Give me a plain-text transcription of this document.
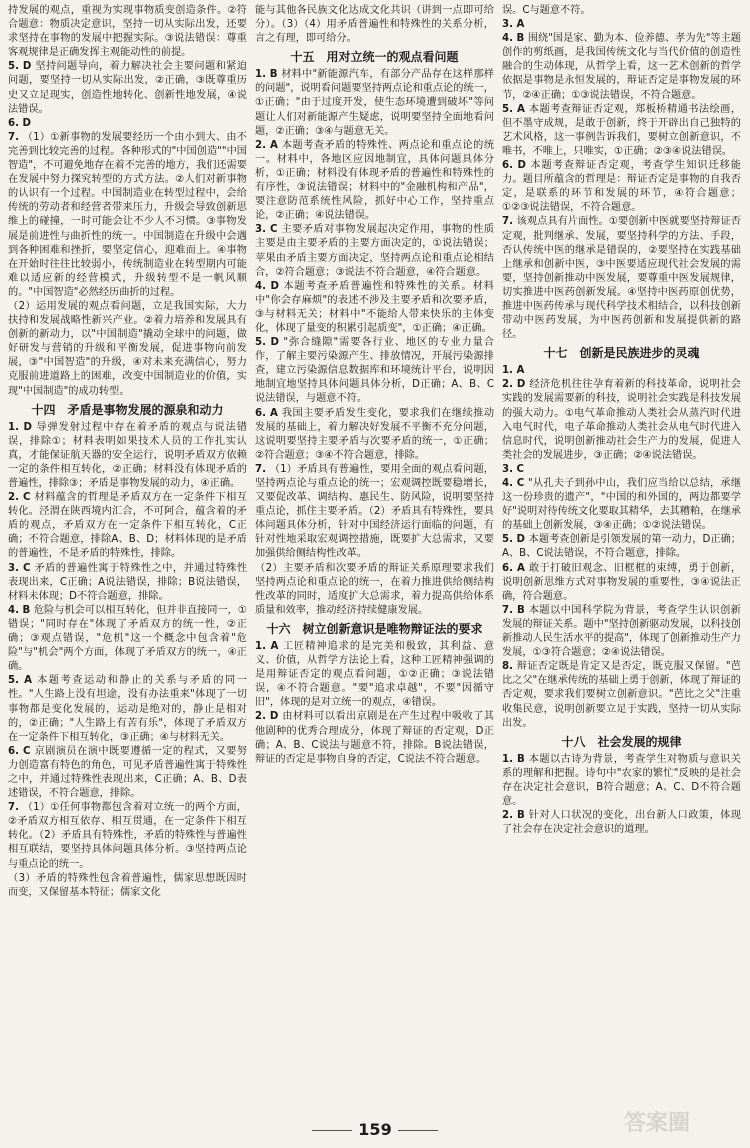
持发展的观点，重视为实现事物质变创造条件。②符合题意：物质决定意识，坚持一切从实际出发，还要求坚持在事物的发展中把握实际。③说法错误：尊重客观规律是正确发挥主观能动性的前提。

5. D 坚持问题导向，着力解决社会主要问题和紧迫问题，要坚持一切从实际出发，②正确，③既尊重历史又立足现实，创造性地转化、创新性地发展，④说法错误。

6. D

7. （1）①新事物的发展要经历一个由小到大、由不完善到比较完善的过程。各种形式的"中国创造""中国智造"，不可避免地存在着不完善的地方，我们还需要在发展中努力探究转型的方式方法。②人们对新事物的认识有一个过程。中国制造业在转型过程中，会给传统的劳动者和经营者带来压力，升级会导致创新思维上的碰撞，一时可能会让不少人不习惯。③事物发展是前进性与曲折性的统一。中国制造在升级中会遇到各种困难和挫折，要坚定信心，迎难而上。④事物在开始时往往比较弱小，传统制造业在转型期内可能难以适应新的经营模式，升级转型不是一帆风顺的。"中国智造"必然经历曲折的过程。

（2）运用发展的观点看问题，立足我国实际，大力扶持和发展战略性新兴产业。②着力培养和发展具有创新的新动力，以"中国制造"撬动全球中的问题，做好研发与营销的升级和平衡发展，促进事物向前发展，③"中国智造"的升级，④对未来充满信心，努力克服前进道路上的困难，改变中国制造业的价值，实现"中国制造"的成功转型。

十四　矛盾是事物发展的源泉和动力

1. D 导弹发射过程中存在着矛盾的观点与说法错误，排除①；材料表明如果技术人员的工作扎实认真，才能保证航天器的安全运行，说明矛盾双方依赖一定的条件相互转化，②正确；材料没有体现矛盾的普遍性，排除③；矛盾是事物发展的动力，④正确。

2. C 材料蕴含的哲理是矛盾双方在一定条件下相互转化。泾渭在陕西境内汇合，不可阿合，蕴含着的矛盾的观点，矛盾双方在一定条件下相互转化，C正确；不符合题意，排除A、B、D；材料体现的是矛盾的普遍性，不是矛盾的特殊性，排除。

3. C 矛盾的普遍性寓于特殊性之中，并通过特殊性表现出来，C正确；A说法错误，排除；B说法错误，材料未体现；D不符合题意，排除。

4. B 危险与机会可以相互转化，但并非直接同一，①错误；"同时存在"体现了矛盾双方的统一性，②正确；③观点错误，"危机"这一个概念中包含着"危险"与"机会"两个方面，体现了矛盾双方的统一，④正确。

5. A 本题考查运动和静止的关系与矛盾的同一性。"人生路上没有坦途，没有办法重来"体现了一切事物都是变化发展的，运动是绝对的，静止是相对的，②正确；"人生路上有苦有乐"，体现了矛盾双方在一定条件下相互转化，③正确；④与材料无关。

6. C 京剧演员在演中既要遵循一定的程式，又要努力创造富有特色的角色，可见矛盾普遍性寓于特殊性之中，并通过特殊性表现出来，C正确；A、B、D表述错误，不符合题意，排除。

7. （1）①任何事物都包含着对立统一的两个方面，②矛盾双方相互依存、相互贯通，在一定条件下相互转化。（2）矛盾具有特殊性，矛盾的特殊性与普遍性相互联结，要坚持具体问题具体分析。③坚持两点论与重点论的统一。

（3）矛盾的特殊性包含着普遍性，儒家思想既因时而变，又保留基本特征；儒家文化

能与其他各民族文化达成文化共识（讲到一点即可给分）。（3）（4）用矛盾普遍性和特殊性的关系分析，言之有理，即可给分。

十五　用对立统一的观点看问题

1. B 材料中"新能源汽车，有部分产品存在这样那样的问题"，说明看问题要坚持两点论和重点论的统一，①正确；"由于过度开发，使生态环境遭到破坏"等问题让人们对新能源产生疑虑，说明要坚持全面地看问题，②正确；③④与题意无关。

2. A 本题考查矛盾的特殊性、两点论和重点论的统一。材料中，各地区应因地制宜，具体问题具体分析，①正确；材料没有体现矛盾的普遍性和特殊性的有序性，③说法错误；材料中的"金融机构和产品"，要注意防范系统性风险，抓好中心工作，坚持重点论，②正确；④说法错误。

3. C 主要矛盾对事物发展起决定作用，事物的性质主要是由主要矛盾的主要方面决定的，①说法错误；苹果由矛盾主要方面决定，坚持两点论和重点论相结合，②符合题意；③说法不符合题意，④符合题意。

4. D 本题考查矛盾普遍性和特殊性的关系。材料中"你会存麻烦"的表述不涉及主要矛盾和次要矛盾，③与材料无关；材料中"不能给人带来快乐的主体变化，体现了量变的积累引起质变"，①正确；④正确。

5. D "弥合缝隙"需要各行业、地区的专业力量合作，了解主要污染源产生、排放情况，开展污染源排查，建立污染源信息数据库和环境统计平台，说明因地制宜地坚持具体问题具体分析，D正确；A、B、C说法错误，与题意不符。

6. A 我国主要矛盾发生变化，要求我们在继续推动发展的基础上，着力解决好发展不平衡不充分问题，这说明要坚持主要矛盾与次要矛盾的统一，①正确；②符合题意；③④不符合题意，排除。

7. （1）矛盾具有普遍性，要用全面的观点看问题，坚持两点论与重点论的统一；宏观调控既要稳增长，又要促改革、调结构、惠民生、防风险，说明要坚持重点论，抓住主要矛盾。（2）矛盾具有特殊性，要具体问题具体分析，针对中国经济运行面临的问题，有针对性地采取宏观调控措施，既要扩大总需求，又要加强供给侧结构性改革。

（2）主要矛盾和次要矛盾的辩证关系原理要求我们坚持两点论和重点论的统一，在着力推进供给侧结构性改革的同时，适度扩大总需求，着力提高供给体系质量和效率，推动经济持续健康发展。

十六　树立创新意识是唯物辩证法的要求

1. A 工匠精神追求的是完美和极致，其利益、意义、价值，从哲学方法论上看，这种工匠精神强调的是用辩证否定的观点看问题，①②正确；③说法错误，④不符合题意。"要"追求卓越"，不要"因循守旧"，体现的是对立统一的观点，④错误。

2. D 由材料可以看出京剧是在产生过程中吸收了其他剧种的优秀合理成分，体现了辩证的否定观，D正确；A、B、C说法与题意不符，排除。B说法错误，辩证的否定是事物自身的否定，C说法不符合题意。

误。C与题意不符。

3. A

4. B 围绕"国是家、勤为本、俭养德、孝为先"等主题创作的剪纸画，是我国传统文化与当代价值的创造性融合的生动体现，从哲学上看，这一艺术创新的哲学依据是事物是永恒发展的，辩证否定是事物发展的环节，②④正确；①③说法错误，不符合题意。

5. A 本题考查辩证否定观，郑板桥精通书法绘画，但不墨守成规，是敢于创新，终于开辟出自己独特的艺术风格，这一事例告诉我们，要树立创新意识，不唯书，不唯上，只唯实，①正确；②③④说法错误。

6. D 本题考查辩证否定观，考查学生知识迁移能力。题目所蕴含的哲理是：辩证否定是事物的自我否定，是联系的环节和发展的环节，④符合题意；①②③说法错误，不符合题意。

7. 该观点具有片面性。①要创新中医就要坚持辩证否定观，批判继承、发展，要坚持科学的方法、手段，否认传统中医的继承是错误的，②要坚持在实践基础上继承和创新中医，③中医要适应现代社会发展的需要，坚持创新推动中医发展，要尊重中医发展规律，切实推进中医药创新发展。④坚持中医药原创优势，推进中医药传承与现代科学技术相结合，以科技创新带动中医药发展，为中医药创新和发展提供新的路径。

十七　创新是民族进步的灵魂

1. A

2. D 经济危机往往孕育着新的科技革命，说明社会实践的发展需要新的科技，说明社会实践是科技发展的强大动力。①电气革命推动人类社会从蒸汽时代进入电气时代，电子革命推动人类社会从电气时代进入信息时代，说明创新推动社会生产力的发展，促进人类社会的发展进步，③正确；②④说法错误。

3. C

4. C "从孔夫子到孙中山，我们应当给以总结，承继这一份珍贵的遗产"，"中国的和外国的，两边都要学好"说明对待传统文化要取其精华，去其糟粕，在继承的基础上创新发展，③④正确；①②说法错误。

5. D 本题考查创新是引领发展的第一动力，D正确；A、B、C说法错误，不符合题意，排除。

6. A 敢于打破旧观念、旧框框的束缚，勇于创新，说明创新思维方式对事物发展的重要性，③④说法正确，符合题意。

7. B 本题以中国科学院为背景，考查学生认识创新发展的辩证关系。题中"坚持创新驱动发展，以科技创新推动人民生活水平的提高"，体现了创新推动生产力发展，①③符合题意；②④说法错误。

8. 辩证否定既是肯定又是否定，既克服又保留。"芭比之父"在继承传统的基础上勇于创新，体现了辩证的否定观，要求我们要树立创新意识。"芭比之父"注重收集民意，说明创新要立足于实践，坚持一切从实际出发。

十八　社会发展的规律

1. B 本题以古诗为背景，考查学生对物质与意识关系的理解和把握。诗句中"农家的繁忙"反映的是社会存在决定社会意识，B符合题意；A、C、D不符合题意。

2. B 针对人口状况的变化，出台新人口政策，体现了社会存在决定社会意识的道理。

159	答案圈
